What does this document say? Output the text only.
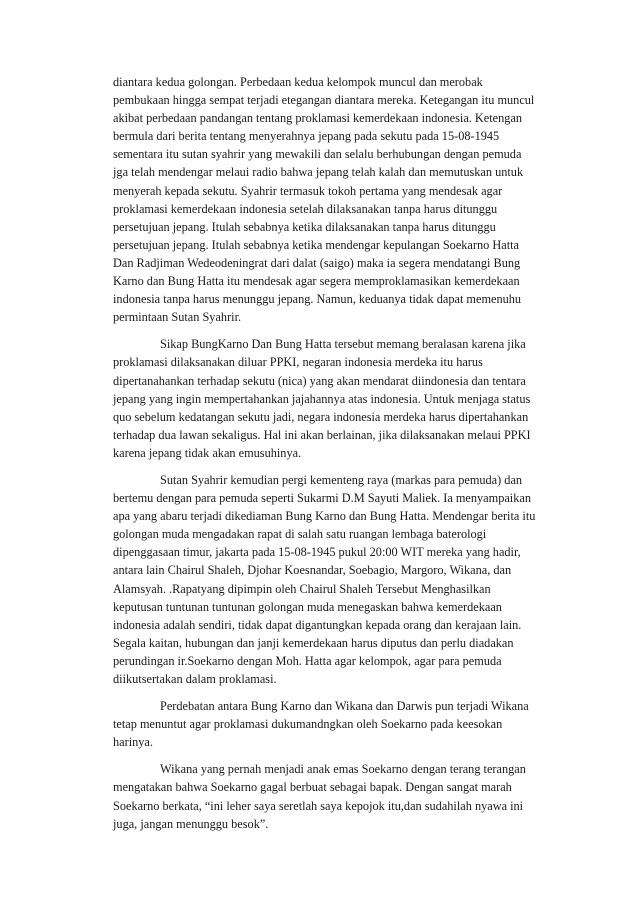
diantara kedua golongan. Perbedaan kedua kelompok muncul dan merobak
pembukaan hingga sempat terjadi etegangan diantara mereka. Ketegangan itu muncul
akibat perbedaan pandangan tentang proklamasi kemerdekaan indonesia. Ketengan
bermula dari berita tentang menyerahnya jepang pada sekutu pada 15-08-1945
sementara itu sutan syahrir yang mewakili dan selalu berhubungan dengan pemuda
jga telah mendengar melaui radio bahwa jepang telah kalah dan memutuskan untuk
menyerah kepada sekutu. Syahrir termasuk tokoh pertama yang mendesak agar
proklamasi kemerdekaan indonesia setelah dilaksanakan tanpa harus ditunggu
persetujuan jepang. Itulah sebabnya ketika dilaksanakan tanpa harus ditunggu
persetujuan jepang. Itulah sebabnya ketika mendengar kepulangan Soekarno Hatta
Dan Radjiman Wedeodeningrat dari dalat (saigo) maka ia segera mendatangi Bung
Karno dan Bung Hatta itu mendesak agar segera memproklamasikan kemerdekaan
indonesia tanpa harus menunggu jepang. Namun, keduanya tidak dapat memenuhu
permintaan Sutan Syahrir.
Sikap BungKarno Dan Bung Hatta tersebut memang beralasan karena jika
proklamasi dilaksanakan diluar PPKI, negaran indonesia merdeka itu harus
dipertanahankan terhadap sekutu (nica) yang akan mendarat diindonesia dan tentara
jepang yang ingin mempertahankan jajahannya atas indonesia. Untuk menjaga status
quo sebelum kedatangan sekutu jadi, negara indonesia merdeka harus dipertahankan
terhadap dua lawan sekaligus. Hal ini akan berlainan, jika dilaksanakan melaui PPKI
karena jepang tidak akan emusuhinya.
Sutan Syahrir kemudian pergi kementeng raya (markas para pemuda) dan
bertemu dengan para pemuda seperti Sukarmi D.M Sayuti Maliek. Ia menyampaikan
apa yang abaru terjadi dikediaman Bung Karno dan Bung Hatta. Mendengar berita itu
golongan muda mengadakan rapat di salah satu ruangan lembaga baterologi
dipenggasaan timur, jakarta pada 15-08-1945 pukul 20:00 WIT mereka yang hadir,
antara lain Chairul Shaleh, Djohar Koesnandar, Soebagio, Margoro, Wikana, dan
Alamsyah. .Rapatyang dipimpin oleh Chairul Shaleh Tersebut Menghasilkan
keputusan tuntunan tuntunan golongan muda menegaskan bahwa kemerdekaan
indonesia adalah sendiri, tidak dapat digantungkan kepada orang dan kerajaan lain.
Segala kaitan, hubungan dan janji kemerdekaan harus diputus dan perlu diadakan
perundingan ir.Soekarno dengan Moh. Hatta agar kelompok, agar para pemuda
diikutsertakan dalam proklamasi.
Perdebatan antara Bung Karno dan Wikana dan Darwis pun terjadi Wikana
tetap menuntut agar proklamasi dukumandngkan oleh Soekarno pada keesokan
harinya.
Wikana yang pernah menjadi anak emas Soekarno dengan terang terangan
mengatakan bahwa Soekarno gagal berbuat sebagai bapak. Dengan sangat marah
Soekarno berkata, “ini leher saya seretlah saya kepojok itu,dan sudahilah nyawa ini
juga, jangan menunggu besok”.
